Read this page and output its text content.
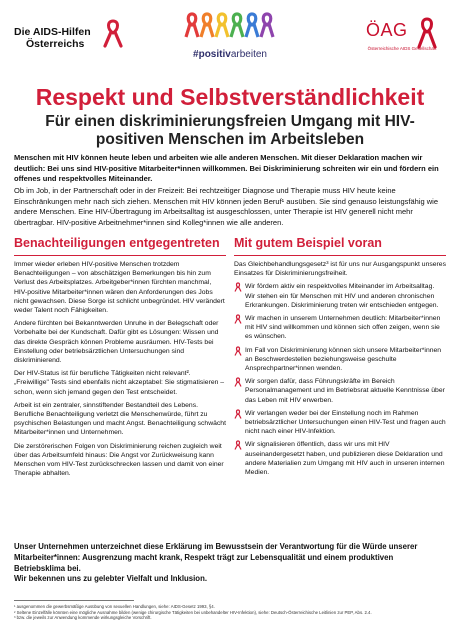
Die AIDS-Hilfen
Österreichs
#positivarbeiten
ÖAG
Österreichische AIDS Gesellschaft
Respekt und Selbstverständlichkeit
Für einen diskriminierungsfreien Umgang mit HIV-positiven Menschen im Arbeitsleben

Menschen mit HIV können heute leben und arbeiten wie alle anderen Menschen. Mit dieser Deklaration machen wir deutlich: Bei uns sind HIV-positive Mitarbeiter*innen willkommen. Bei Diskriminierung schreiten wir ein und fördern ein offenes und respektvolles Miteinander.

Ob im Job, in der Partnerschaft oder in der Freizeit: Bei rechtzeitiger Diagnose und Therapie muss HIV heute keine Einschränkungen mehr nach sich ziehen. Menschen mit HIV können jeden Beruf¹ ausüben. Sie sind genauso leistungsfähig wie andere Menschen. Eine HIV-Übertragung im Arbeitsalltag ist ausgeschlossen, unter Therapie ist HIV generell nicht mehr übertragbar. HIV-positive Arbeitnehmer*innen sind Kolleg*innen wie alle anderen.

Benachteiligungen entgegentreten

Immer wieder erleben HIV-positive Menschen trotzdem Benachteiligungen – von abschätzigen Bemerkungen bis hin zum Verlust des Arbeitsplatzes. Arbeitgeber*innen fürchten manchmal, HIV-positive Mitarbeiter*innen wären den Anforderungen des Jobs nicht gewachsen. Diese Sorge ist schlicht unbegründet. HIV verändert weder Talent noch Fähigkeiten.

Andere fürchten bei Bekanntwerden Unruhe in der Belegschaft oder Vorbehalte bei der Kundschaft. Dafür gibt es Lösungen: Wissen und das direkte Gespräch können Probleme ausräumen. HIV-Tests bei Einstellung oder betriebsärztlichen Untersuchungen sind diskriminierend.

Der HIV-Status ist für berufliche Tätigkeiten nicht relevant². „Freiwillige" Tests sind ebenfalls nicht akzeptabel: Sie stigmatisieren – schon, wenn sich jemand gegen den Test entscheidet.

Arbeit ist ein zentraler, sinnstiftender Bestandteil des Lebens. Berufliche Benachteiligung verletzt die Menschenwürde, führt zu psychischen Belastungen und macht Angst. Benachteiligung schwächt Mitarbeiter*innen und Unternehmen.

Die zerstörerischen Folgen von Diskriminierung reichen zugleich weit über das Arbeitsumfeld hinaus: Die Angst vor Zurückweisung kann Menschen vom HIV-Test zurückschrecken lassen und damit von einer Therapie abhalten.

Mit gutem Beispiel voran

Das Gleichbehandlungsgesetz³ ist für uns nur Ausgangspunkt unseres Einsatzes für Diskriminierungsfreiheit.

Wir fördern aktiv ein respektvolles Miteinander im Arbeitsalltag. Wir stehen ein für Menschen mit HIV und anderen chronischen Erkrankungen. Diskriminierung treten wir entschieden entgegen.
Wir machen in unserem Unternehmen deutlich: Mitarbeiter*innen mit HIV sind willkommen und können sich offen zeigen, wenn sie es wünschen.
Im Fall von Diskriminierung können sich unsere Mitarbeiter*innen an Beschwerdestellen beziehungsweise geschulte Ansprechpartner*innen wenden.
Wir sorgen dafür, dass Führungskräfte im Bereich Personalmanagement und im Betriebsrat aktuelle Kenntnisse über das Leben mit HIV erwerben.
Wir verlangen weder bei der Einstellung noch im Rahmen betriebsärztlicher Untersuchungen einen HIV-Test und fragen auch nicht nach einer HIV-Infektion.
Wir signalisieren öffentlich, dass wir uns mit HIV auseinandergesetzt haben, und publizieren diese Deklaration und andere Materialien zum Umgang mit HIV auch in unseren internen Medien.
Unser Unternehmen unterzeichnet diese Erklärung im Bewusstsein der Verantwortung für die Würde unserer Mitarbeiter*innen: Ausgrenzung macht krank, Respekt trägt zur Lebensqualität und einem produktiven Betriebsklima bei.
Wir bekennen uns zu gelebter Vielfalt und Inklusion.

¹ ausgenommen die gewerbsmäßige Ausübung von sexuellen Handlungen, siehe: AIDS-Gesetz 1993, §4.

² Seltene Einzelfälle könnten eine mögliche Ausnahme bilden (wenige chirurgische Tätigkeiten bei unbehandelter HIV-Infektion), siehe: Deutsch-Österreichische Leitlinien zur PEP, Abs. 2.4.

³ bzw. die jeweils zur Anwendung kommende wirkungsgleiche Vorschrift.
